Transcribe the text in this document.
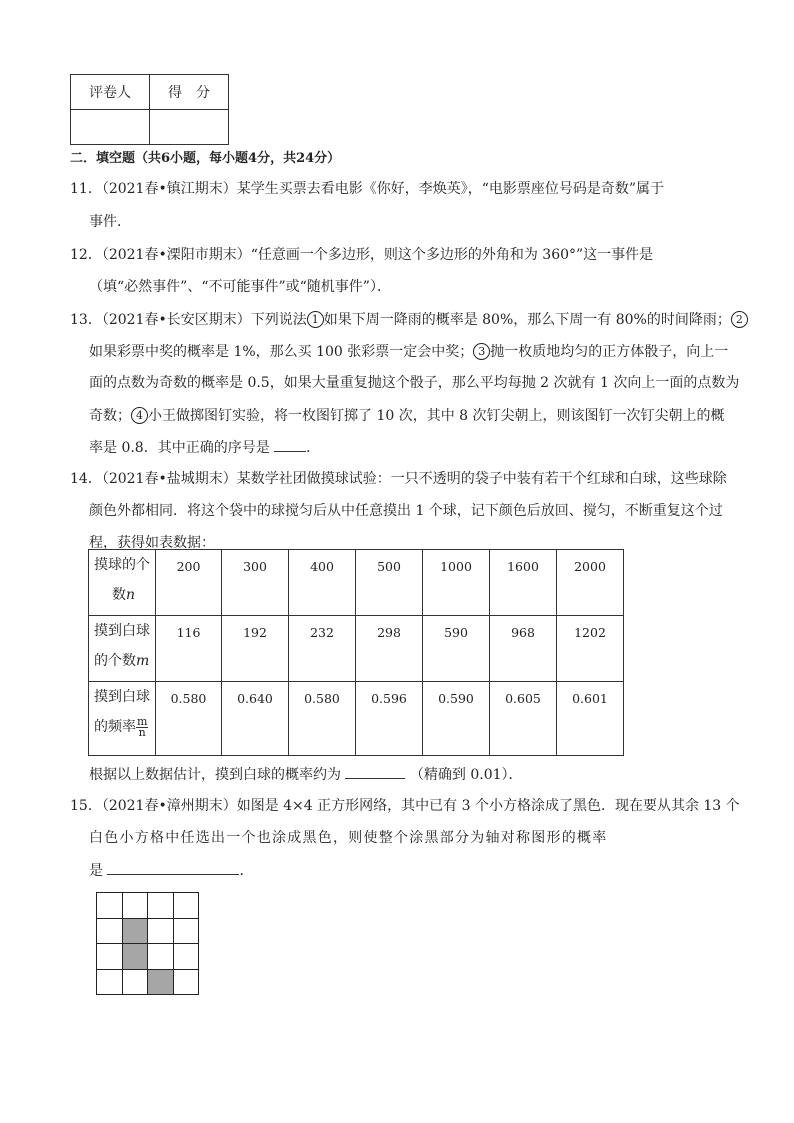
评卷人	得　分

二．填空题（共6小题，每小题4分，共24分）
11．（2021春•镇江期末）某学生买票去看电影《你好，李焕英》，“电影票座位号码是奇数”属于
事件．
12．（2021春•溧阳市期末）“任意画一个多边形，则这个多边形的外角和为 360°”这一事件是
（填“必然事件”、“不可能事件”或“随机事件”）．
13．（2021春•长安区期末）下列说法 1 如果下周一降雨的概率是 80%，那么下周一有 80%的时间降雨； 2
如果彩票中奖的概率是 1%，那么买 100 张彩票一定会中奖； 3 抛一枚质地均匀的正方体骰子，向上一
面的点数为奇数的概率是 0.5，如果大量重复抛这个骰子，那么平均每抛 2 次就有 1 次向上一面的点数为
奇数； 4 小王做掷图钉实验，将一枚图钉掷了 10 次，其中 8 次钉尖朝上，则该图钉一次钉尖朝上的概
率是 0.8．其中正确的序号是	．
14．（2021春•盐城期末）某数学社团做摸球试验：一只不透明的袋子中装有若干个红球和白球，这些球除
颜色外都相同．将这个袋中的球搅匀后从中任意摸出 1 个球，记下颜色后放回、搅匀，不断重复这个过
程，获得如表数据：
摸球的个
数n	200	300	400	500	1000	1600	2000

摸到白球
的个数m	116	192	232	298	590	968	1202

摸到白球
的频率 $\frac{m}{n}$	0.580	0.640	0.580	0.596	0.590	0.605	0.601
根据以上数据估计，摸到白球的概率约为	（精确到 0.01）．
15．（2021春•漳州期末）如图是 4×4 正方形网络，其中已有 3 个小方格涂成了黑色．现在要从其余 13 个
白 色 小 方 格 中 任 选 出 一 个 也 涂 成 黑 色 ， 则 使 整 个 涂 黑 部 分 为 轴 对 称 图 形 的 概 率
是	．
